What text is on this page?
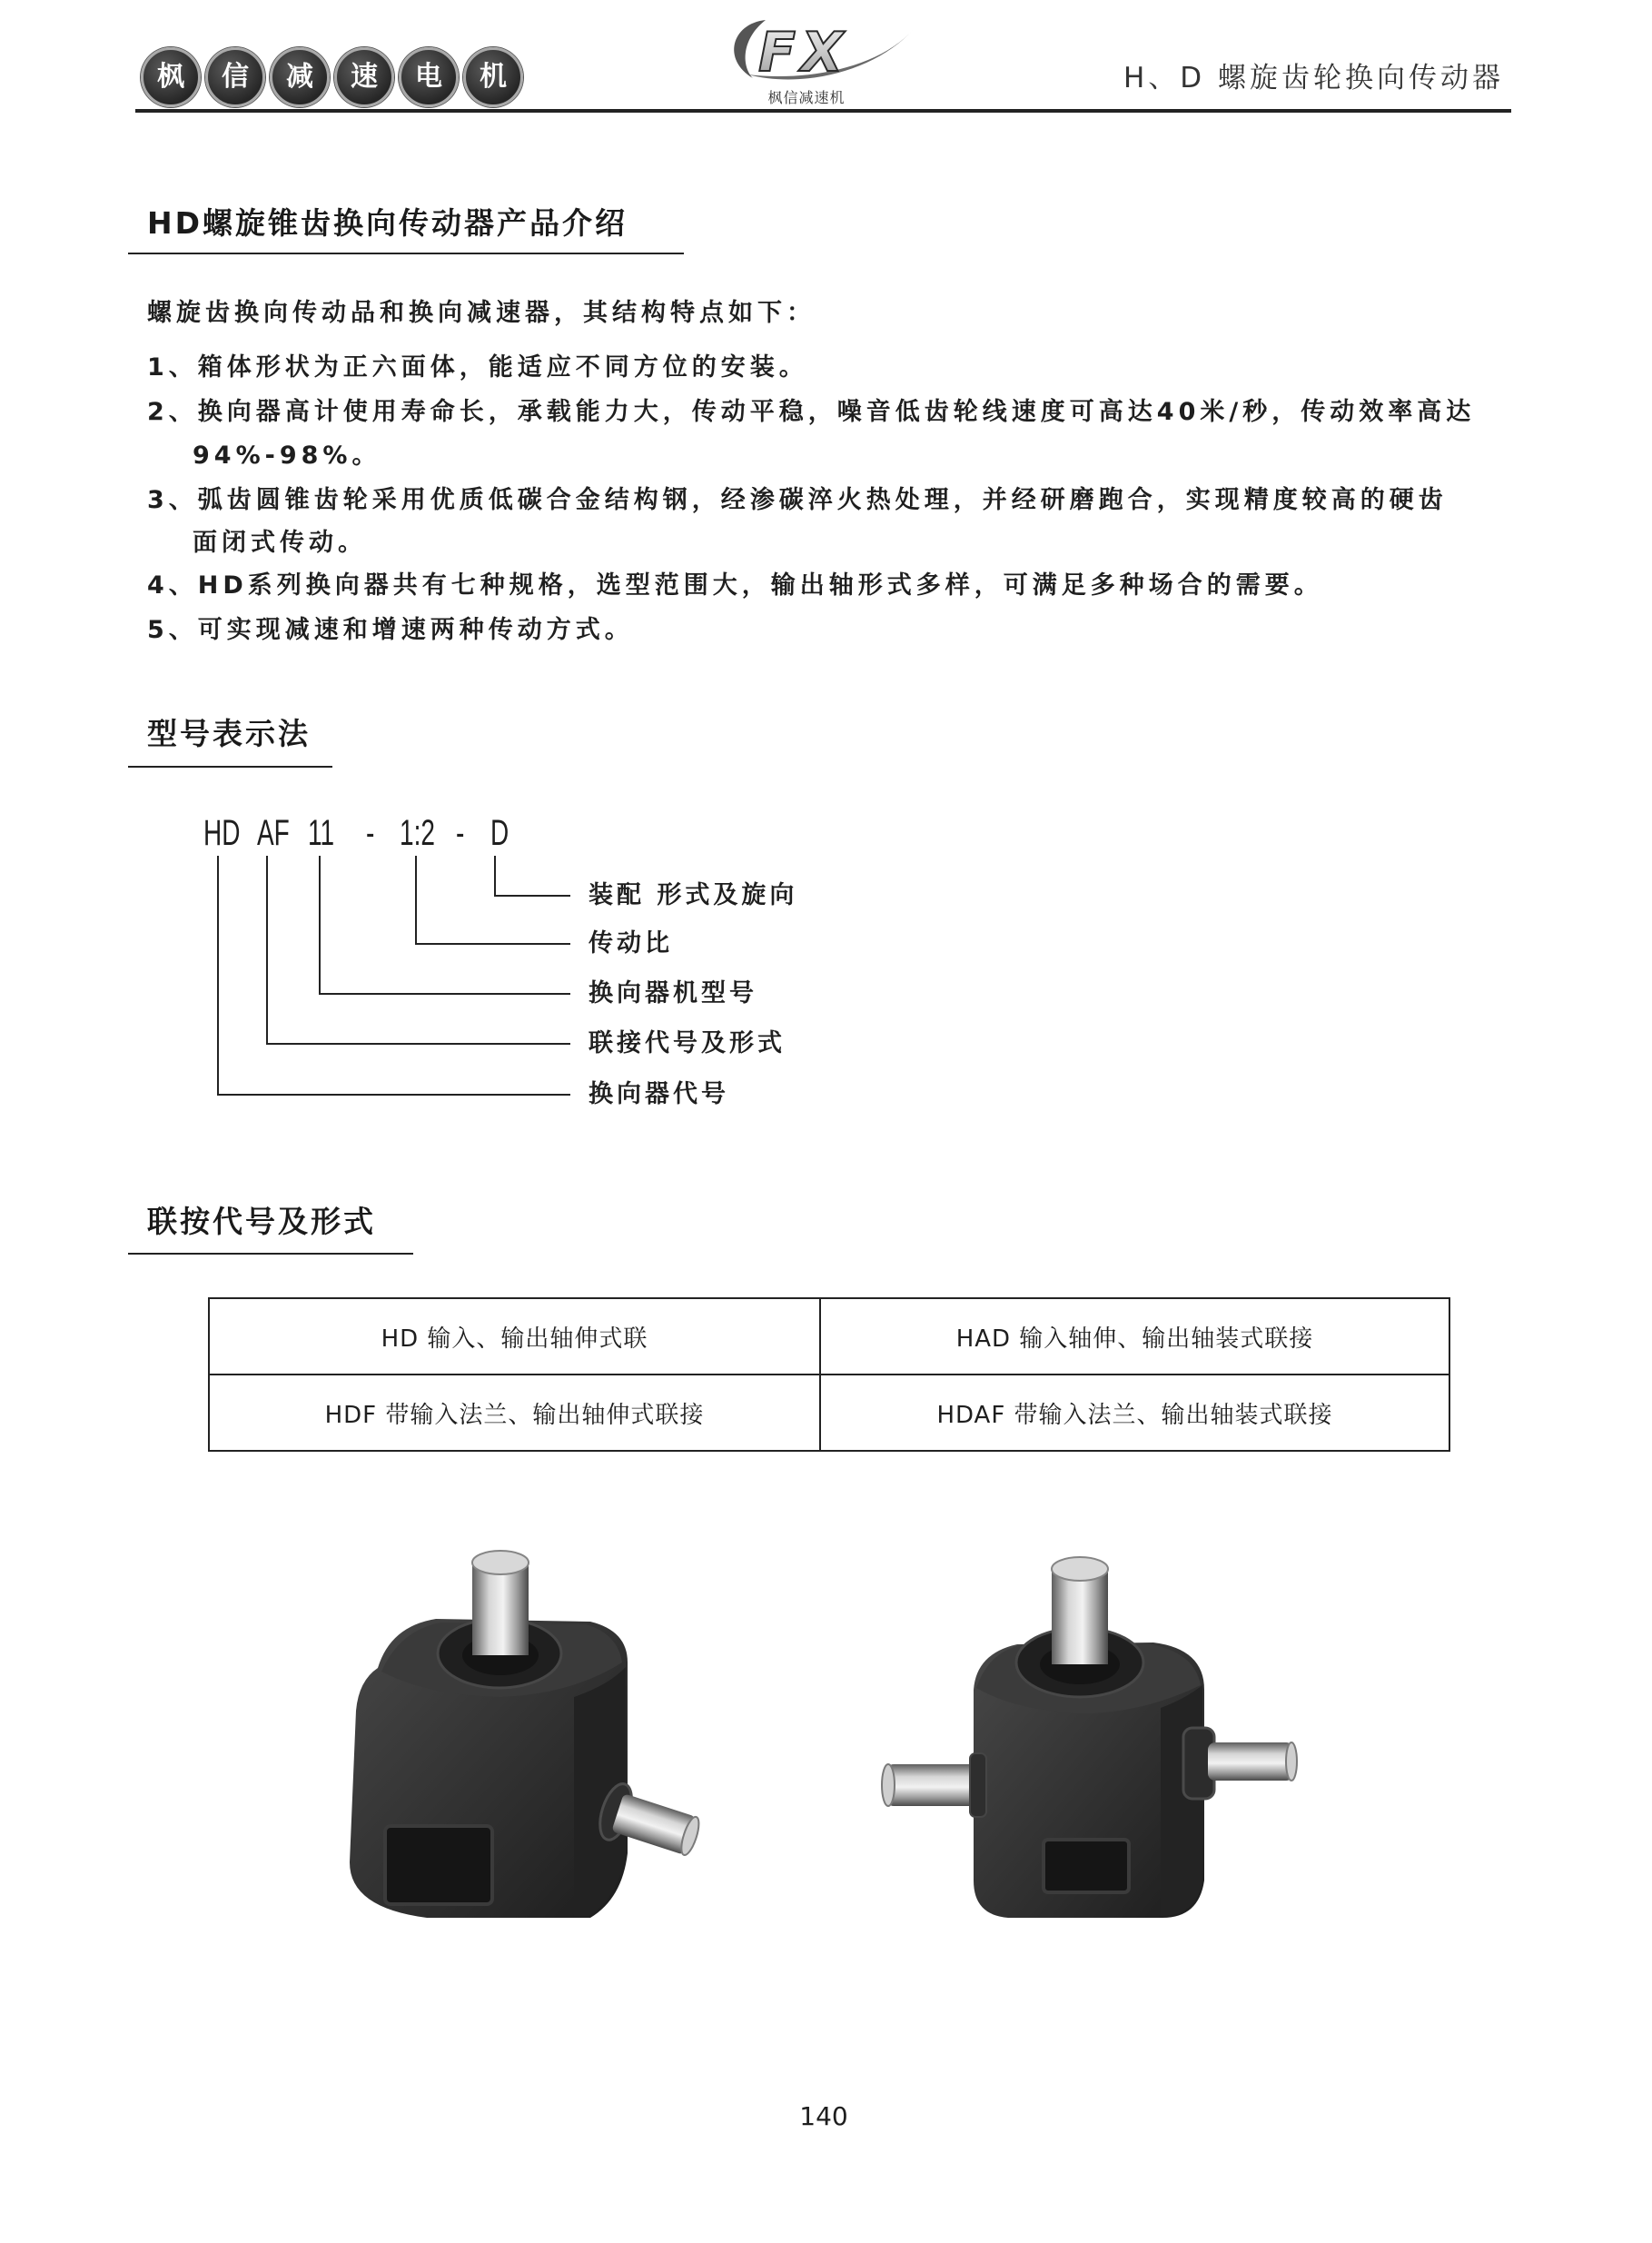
枫	信	减	速	电	机	FX
枫信减速机
H、D 螺旋齿轮换向传动器
HD螺旋锥齿换向传动器产品介绍
螺旋齿换向传动品和换向减速器，其结构特点如下：
1、箱体形状为正六面体，能适应不同方位的安装。
2、换向器高计使用寿命长，承载能力大，传动平稳，噪音低齿轮线速度可高达40米/秒，传动效率高达
94%-98%。
3、弧齿圆锥齿轮采用优质低碳合金结构钢，经渗碳淬火热处理，并经研磨跑合，实现精度较高的硬齿
面闭式传动。
4、HD系列换向器共有七种规格，选型范围大，输出轴形式多样，可满足多种场合的需要。
5、可实现减速和增速两种传动方式。
型号表示法
HD AF 11 - 1:2 - D
装配 形式及旋向
传动比
换向器机型号
联接代号及形式
换向器代号
联按代号及形式
HD 输入、输出轴伸式联	HAD 输入轴伸、输出轴装式联接
HDF 带输入法兰、输出轴伸式联接	HDAF 带输入法兰、输出轴装式联接
140
